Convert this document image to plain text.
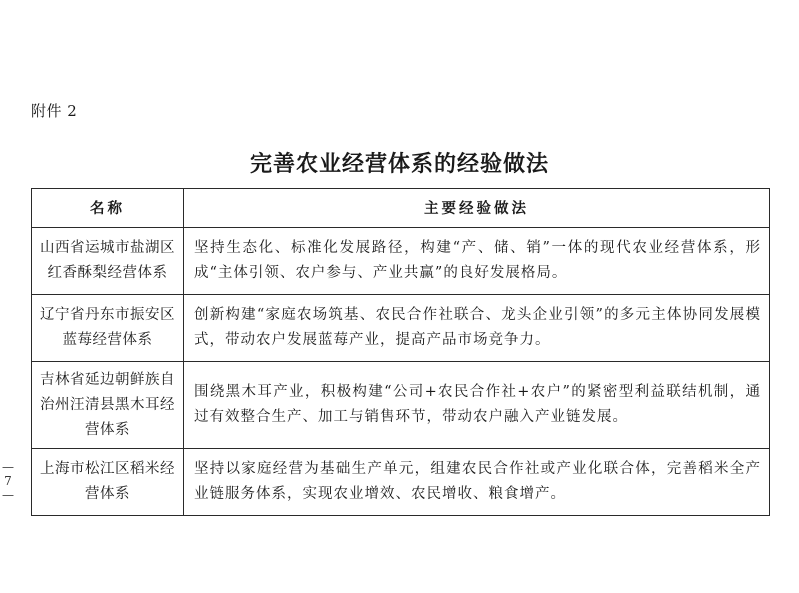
附件 2
完善农业经营体系的经验做法
名称	主要经验做法
山西省运城市盐湖区红香酥梨经营体系	坚持生态化、标准化发展路径，构建“产、储、销”一体的现代农业经营体系，形成“主体引领、农户参与、产业共赢”的良好发展格局。
辽宁省丹东市振安区蓝莓经营体系	创新构建“家庭农场筑基、农民合作社联合、龙头企业引领”的多元主体协同发展模式，带动农户发展蓝莓产业，提高产品市场竞争力。
吉林省延边朝鲜族自治州汪清县黑木耳经营体系	围绕黑木耳产业，积极构建“公司+农民合作社+农户”的紧密型利益联结机制，通过有效整合生产、加工与销售环节，带动农户融入产业链发展。
上海市松江区稻米经营体系	坚持以家庭经营为基础生产单元，组建农民合作社或产业化联合体，完善稻米全产业链服务体系，实现农业增效、农民增收、粮食增产。
—
7
—
